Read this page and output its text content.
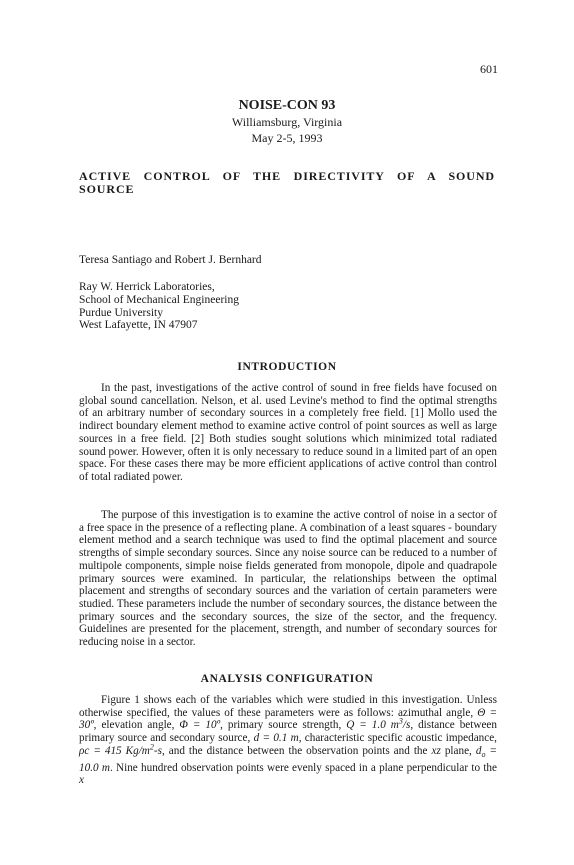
601
NOISE-CON 93
Williamsburg, Virginia
May 2-5, 1993
ACTIVE CONTROL OF THE DIRECTIVITY OF A SOUND
SOURCE
Teresa Santiago and Robert J. Bernhard
Ray W. Herrick Laboratories,
School of Mechanical Engineering
Purdue University
West Lafayette, IN 47907
INTRODUCTION

In the past, investigations of the active control of sound in free fields have focused on global sound cancellation. Nelson, et al. used Levine's method to find the optimal strengths of an arbitrary number of secondary sources in a completely free field. [1] Mollo used the indirect boundary element method to examine active control of point sources as well as large sources in a free field. [2] Both studies sought solutions which minimized total radiated sound power. However, often it is only necessary to reduce sound in a limited part of an open space. For these cases there may be more efficient applications of active control than control of total radiated power.

The purpose of this investigation is to examine the active control of noise in a sector of a free space in the presence of a reflecting plane. A combination of a least squares - boundary element method and a search technique was used to find the optimal placement and source strengths of simple secondary sources. Since any noise source can be reduced to a number of multipole components, simple noise fields generated from monopole, dipole and quadrapole primary sources were examined. In particular, the relationships between the optimal placement and strengths of secondary sources and the variation of certain parameters were studied. These parameters include the number of secondary sources, the distance between the primary sources and the secondary sources, the size of the sector, and the frequency. Guidelines are presented for the placement, strength, and number of secondary sources for reducing noise in a sector.

ANALYSIS CONFIGURATION

Figure 1 shows each of the variables which were studied in this investigation. Unless otherwise specified, the values of these parameters were as follows: azimuthal angle, Θ = 30º, elevation angle, Φ = 10º, primary source strength, Q = 1.0 $m^3/s$, distance between primary source and secondary source, d = 0.1 m, characteristic specific acoustic impedance, ρc = 415 $Kg/m^2-s$, and the distance between the observation points and the xz plane, $d_o = 10.0$ m. Nine hundred observation points were evenly spaced in a plane perpendicular to the x
